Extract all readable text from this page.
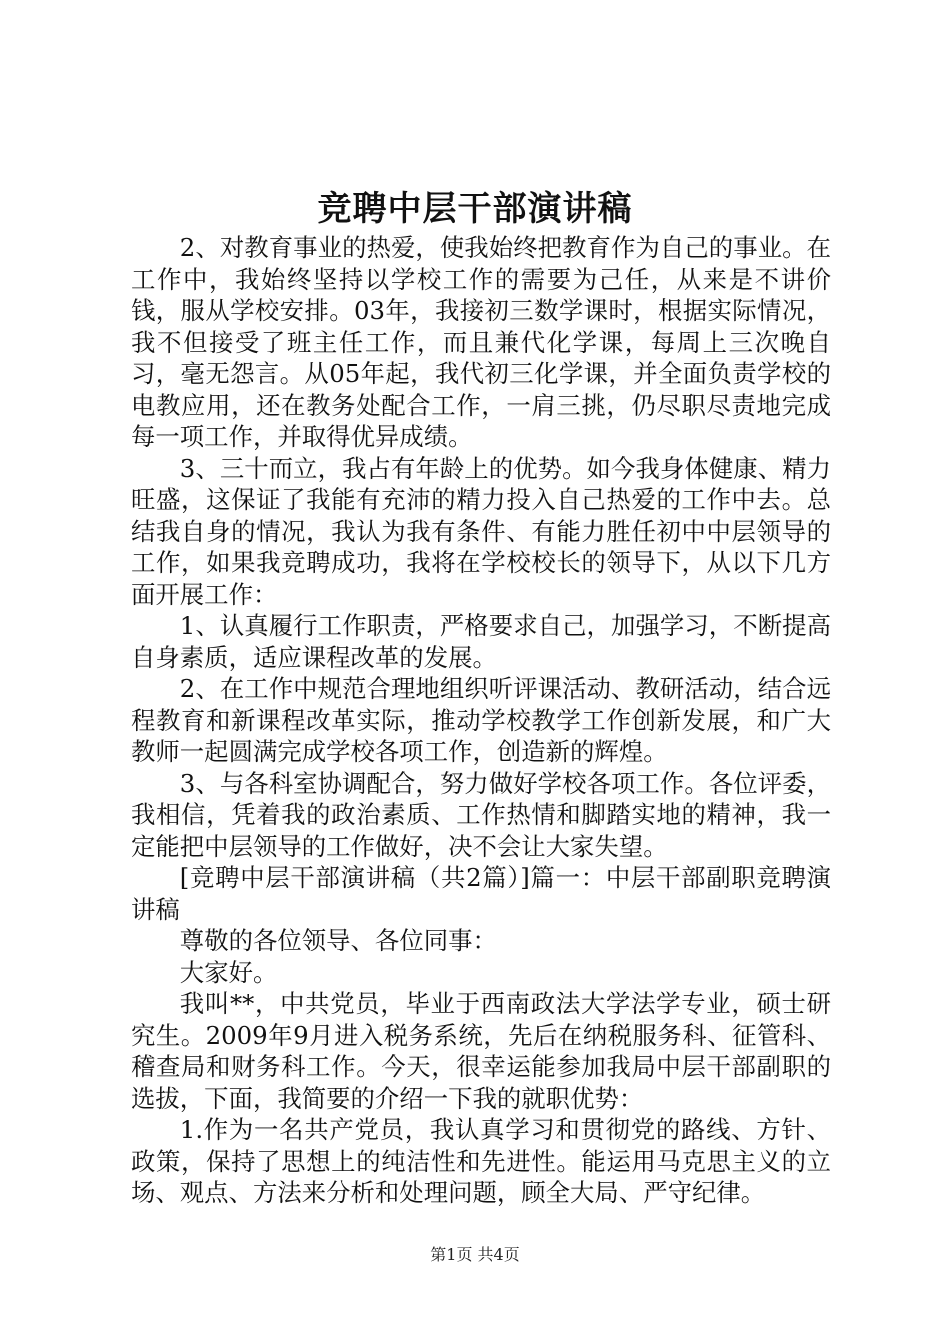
竞聘中层干部演讲稿

2、对教育事业的热爱，使我始终把教育作为自己的事业。在工作中，我始终坚持以学校工作的需要为己任，从来是不讲价钱，服从学校安排。03年，我接初三数学课时，根据实际情况，我不但接受了班主任工作，而且兼代化学课，每周上三次晚自习，毫无怨言。从05年起，我代初三化学课，并全面负责学校的电教应用，还在教务处配合工作，一肩三挑，仍尽职尽责地完成每一项工作，并取得优异成绩。

3、三十而立，我占有年龄上的优势。如今我身体健康、精力旺盛，这保证了我能有充沛的精力投入自己热爱的工作中去。总结我自身的情况，我认为我有条件、有能力胜任初中中层领导的工作，如果我竞聘成功，我将在学校校长的领导下，从以下几方面开展工作：

1、认真履行工作职责，严格要求自己，加强学习，不断提高自身素质，适应课程改革的发展。

2、在工作中规范合理地组织听评课活动、教研活动，结合远程教育和新课程改革实际，推动学校教学工作创新发展，和广大教师一起圆满完成学校各项工作，创造新的辉煌。

3、与各科室协调配合，努力做好学校各项工作。各位评委，我相信，凭着我的政治素质、工作热情和脚踏实地的精神，我一定能把中层领导的工作做好，决不会让大家失望。

[竞聘中层干部演讲稿（共2篇）]篇一：中层干部副职竞聘演讲稿

尊敬的各位领导、各位同事：

大家好。

我叫**，中共党员，毕业于西南政法大学法学专业，硕士研究生。2009年9月进入税务系统，先后在纳税服务科、征管科、稽查局和财务科工作。今天，很幸运能参加我局中层干部副职的选拔，下面，我简要的介绍一下我的就职优势：

1.作为一名共产党员，我认真学习和贯彻党的路线、方针、政策，保持了思想上的纯洁性和先进性。能运用马克思主义的立场、观点、方法来分析和处理问题，顾全大局、严守纪律。

第1页 共4页
